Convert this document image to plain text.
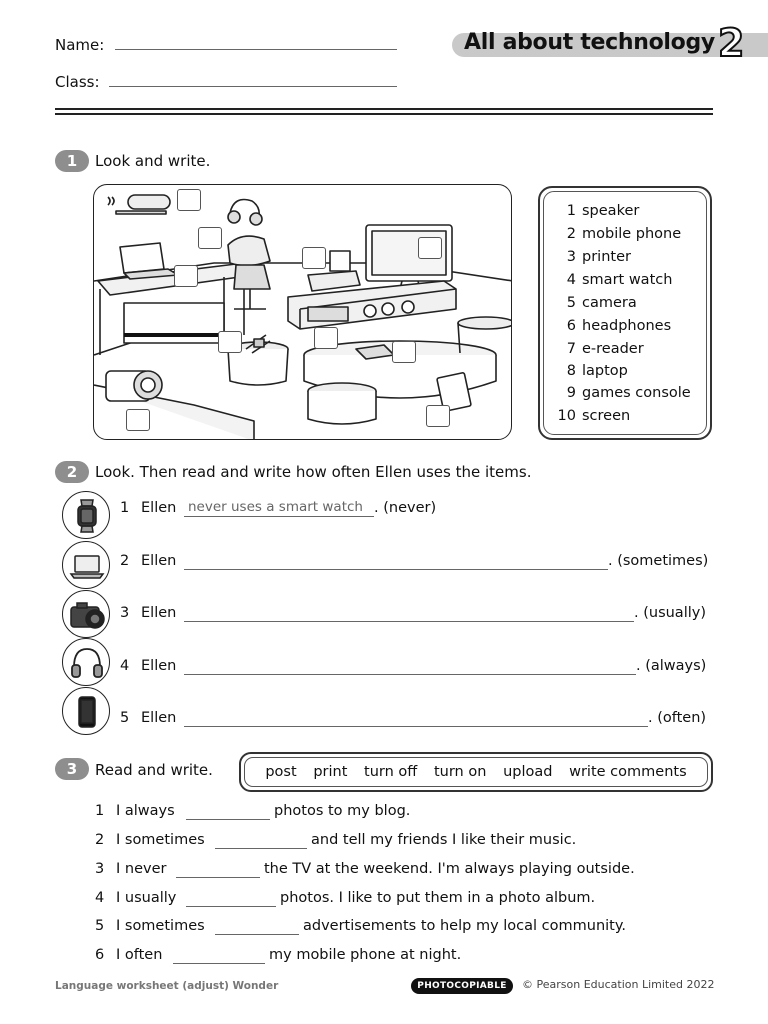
Name:
Class:
All about technology 2
1	Look and write.
1 speaker
2 mobile phone
3 printer
4 smart watch
5 camera
6 headphones
7 e-reader
8 laptop
9 games console
10 screen
2	Look. Then read and write how often Ellen uses the items.
1 Ellen never uses a smart watch . (never)
2 Ellen	. (sometimes)
3 Ellen	. (usually)
4 Ellen	. (always)
5 Ellen	. (often)
3	Read and write.	post print turn off turn on upload write comments
1 I always	photos to my blog.
2 I sometimes	and tell my friends I like their music.
3 I never	the TV at the weekend. I'm always playing outside.
4 I usually	photos. I like to put them in a photo album.
5 I sometimes	advertisements to help my local community.
6 I often	my mobile phone at night.
Language worksheet (adjust) Wonder	PHOTOCOPIABLE	© Pearson Education Limited 2022
